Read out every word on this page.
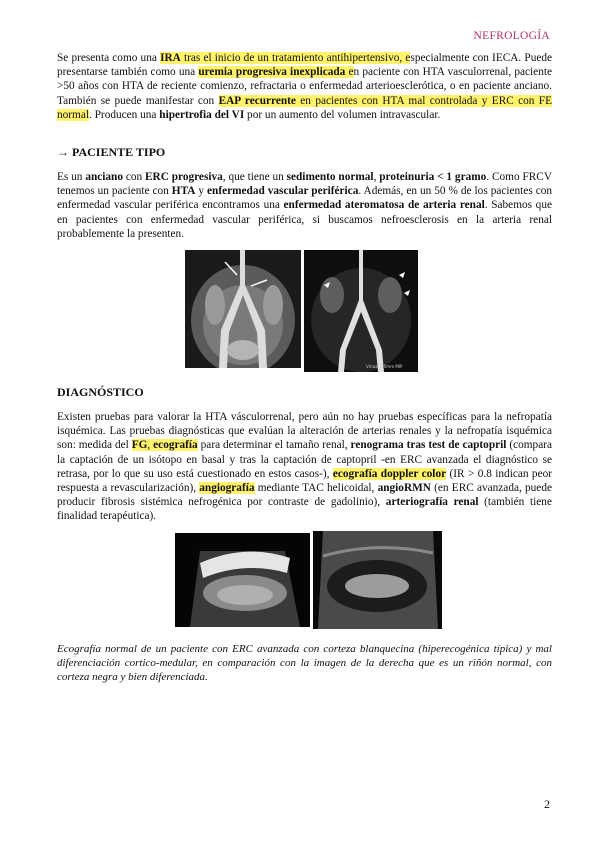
NEFROLOGÍA
Se presenta como una IRA tras el inicio de un tratamiento antihipertensivo, especialmente con IECA. Puede presentarse también como una uremia progresiva inexplicada en paciente con HTA vasculorrenal, paciente >50 años con HTA de reciente comienzo, refractaria o enfermedad arterioesclerótica, o en paciente anciano. También se puede manifestar con EAP recurrente en pacientes con HTA mal controlada y ERC con FE normal. Producen una hipertrofia del VI por un aumento del volumen intravascular.
→ PACIENTE TIPO
Es un anciano con ERC progresiva, que tiene un sedimento normal, proteinuria < 1 gramo. Como FRCV tenemos un paciente con HTA y enfermedad vascular periférica. Además, en un 50 % de los pacientes con enfermedad vascular periférica encontramos una enfermedad ateromatosa de arteria renal. Sabemos que en pacientes con enfermedad vascular periférica, si buscamos nefroesclerosis en la arteria renal probablemente la presenten.
Vmax 130mm MIP
DIAGNÓSTICO
Existen pruebas para valorar la HTA vásculorrenal, pero aún no hay pruebas específicas para la nefropatía isquémica. Las pruebas diagnósticas que evalúan la alteración de arterias renales y la nefropatía isquémica son: medida del FG, ecografía para determinar el tamaño renal, renograma tras test de captopril (compara la captación de un isótopo en basal y tras la captación de captopril -en ERC avanzada el diagnóstico se retrasa, por lo que su uso está cuestionado en estos casos-), ecografía doppler color (IR > 0.8 indican peor respuesta a revascularización), angiografía mediante TAC helicoidal, angioRMN (en ERC avanzada, puede producir fibrosis sistémica nefrogénica por contraste de gadolinio), arteriografía renal (también tiene finalidad terapéutica).
Ecografía normal de un paciente con ERC avanzada con corteza blanquecina (hiperecogénica típica) y mal diferenciación cortico-medular, en comparación con la imagen de la derecha que es un riñón normal, con corteza negra y bien diferenciada.
2
